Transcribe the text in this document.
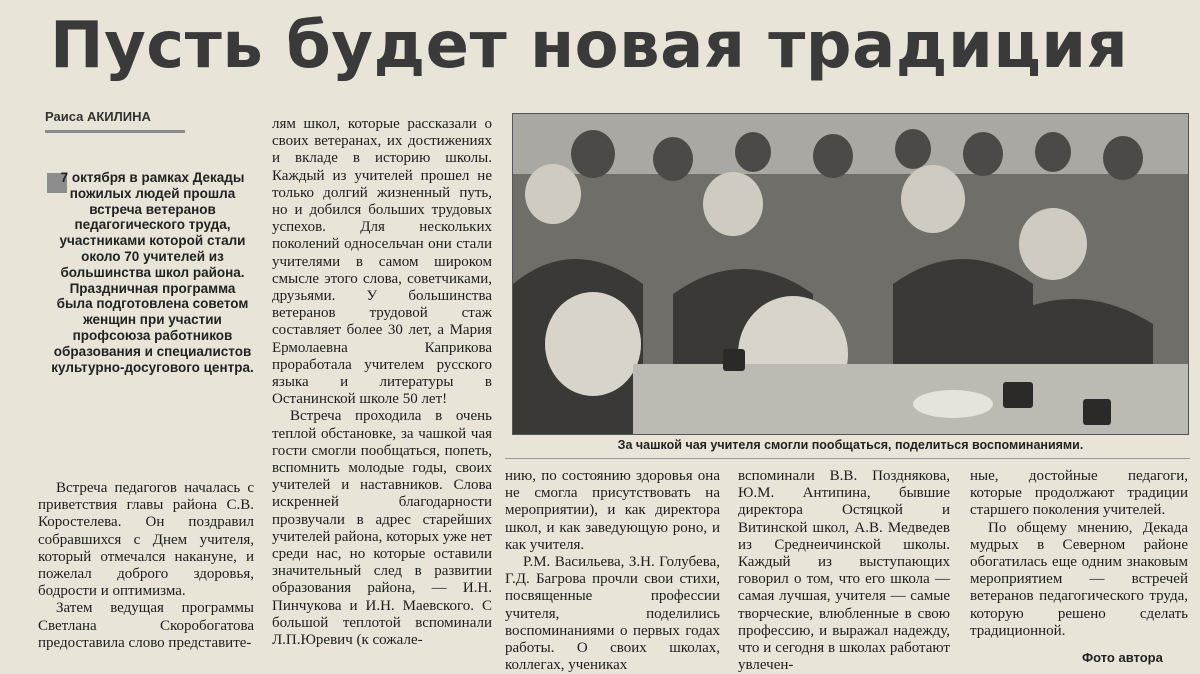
Пусть будет новая традиция
Раиса АКИЛИНА
7 октября в рамках Декады пожилых людей прошла встреча ветеранов педагогического труда, участниками которой стали около 70 учителей из большинства школ района. Праздничная программа была подготовлена советом женщин при участии профсоюза работников образования и специалистов культурно-досугового центра.

Встреча педагогов началась с приветствия главы района С.В. Коростелева. Он поздравил собравшихся с Днем учителя, который отмечался накануне, и пожелал доброго здоровья, бодрости и оптимизма.

Затем ведущая программы Светлана Скоробогатова предоставила слово представите-

лям школ, которые рассказали о своих ветеранах, их достижениях и вкладе в историю школы. Каждый из учителей прошел не только долгий жизненный путь, но и добился больших трудовых успехов. Для нескольких поколений односельчан они стали учителями в самом широком смысле этого слова, советчиками, друзьями. У большинства ветеранов трудовой стаж составляет более 30 лет, а Мария Ермолаевна Каприкова проработала учителем русского языка и литературы в Останинской школе 50 лет!

Встреча проходила в очень теплой обстановке, за чашкой чая гости смогли пообщаться, попеть, вспомнить молодые годы, своих учителей и наставников. Слова искренней благодарности прозвучали в адрес старейших учителей района, которых уже нет среди нас, но которые оставили значительный след в развитии образования района, — И.Н. Пинчукова и И.Н. Маевского. С большой теплотой вспоминали Л.П.Юревич (к сожале-

За чашкой чая учителя смогли пообщаться, поделиться воспоминаниями.

нию, по состоянию здоровья она не смогла присутствовать на мероприятии), и как директора школ, и как заведующую роно, и как учителя.

Р.М. Васильева, З.Н. Голубева, Г.Д. Багрова прочли свои стихи, посвященные профессии учителя, поделились воспоминаниями о первых годах работы. О своих школах, коллегах, учениках

вспоминали В.В. Позднякова, Ю.М. Антипина, бывшие директора Остяцкой и Витинской школ, А.В. Медведев из Среднеичинской школы. Каждый из выступающих говорил о том, что его школа — самая лучшая, учителя — самые творческие, влюбленные в свою профессию, и выражал надежду, что и сегодня в школах работают увлечен-

ные, достойные педагоги, которые продолжают традиции старшего поколения учителей.

По общему мнению, Декада мудрых в Северном районе обогатилась еще одним знаковым мероприятием — встречей ветеранов педагогического труда, которую решено сделать традиционной.

Фото автора
